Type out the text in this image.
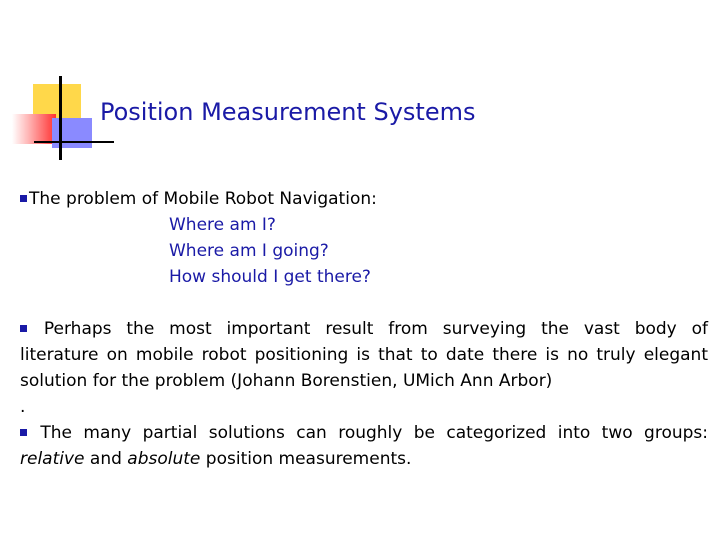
Position Measurement Systems
The problem of Mobile Robot Navigation:
Where am I?
Where am I going?
How should I get there?
Perhaps the most important result from surveying the vast body of
literature on mobile robot positioning is that to date there is no truly elegant
solution for the problem (Johann Borenstien, UMich Ann Arbor)
.
The many partial solutions can roughly be categorized into two groups:
relative and absolute position measurements.
